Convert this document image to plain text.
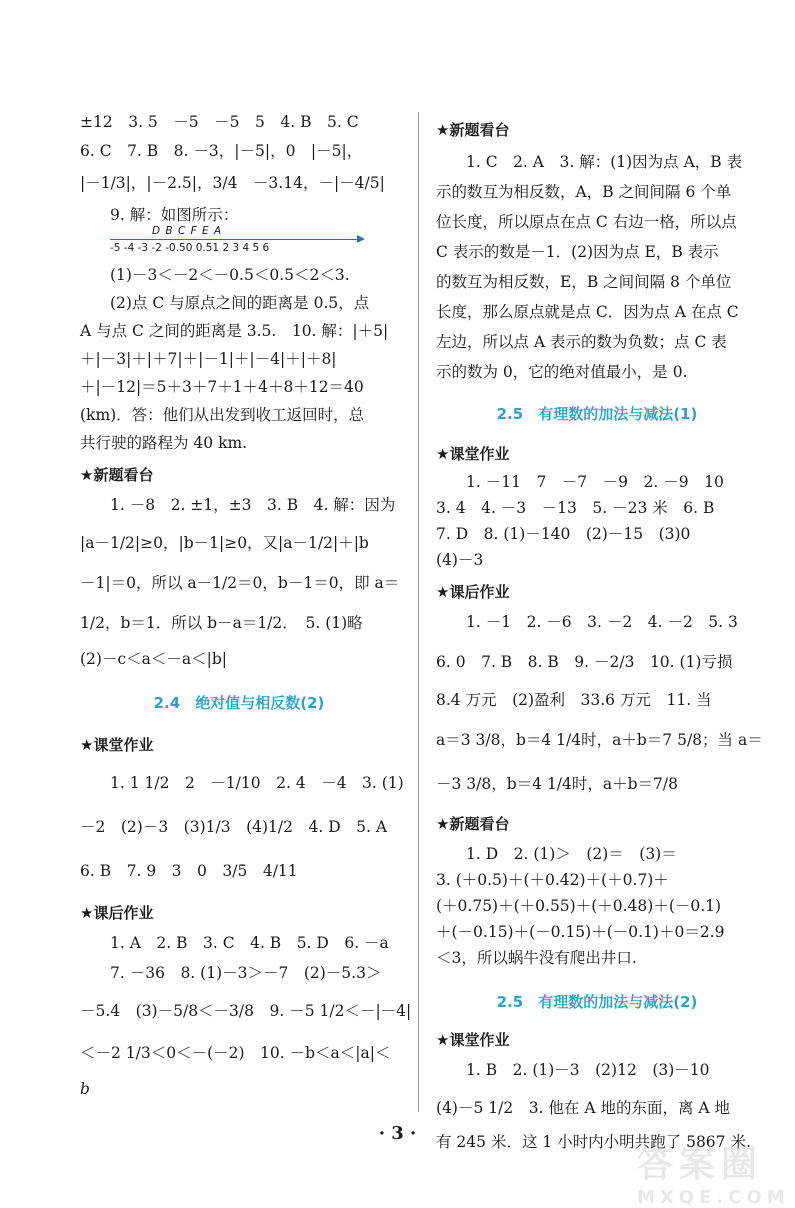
±12　3. 5　－5　－5　5　4. B　5. C
6. C　7. B　8. －3，|－5|，0　|－5|，
|－1/3|，|－2.5|，3/4　－3.14，－|－4/5|
9. 解：如图所示：
D B C F E A
-5 -4 -3 -2 -0.50 0.51 2 3 4 5 6
(1)－3＜－2＜－0.5＜0.5＜2＜3.
(2)点 C 与原点之间的距离是 0.5，点
A 与点 C 之间的距离是 3.5.　10. 解：|＋5|
＋|－3|＋|＋7|＋|－1|＋|－4|＋|＋8|
＋|－12|＝5＋3＋7＋1＋4＋8＋12＝40
(km)．答：他们从出发到收工返回时，总
共行驶的路程为 40 km.
★新题看台
1. －8　2. ±1，±3　3. B　4. 解：因为
|a－1/2|≥0，|b－1|≥0，又|a－1/2|＋|b
－1|＝0，所以 a－1/2＝0，b－1＝0，即 a＝
1/2，b＝1．所以 b－a＝1/2．　5. (1)略
(2)－c＜a＜－a＜|b|
2.4　绝对值与相反数(2)
★课堂作业
1. 1 1/2　2　－1/10　2. 4　－4　3. (1)
－2　(2)－3　(3)1/3　(4)1/2　4. D　5. A
6. B　7. 9　3　0　3/5　4/11
★课后作业
1. A　2. B　3. C　4. B　5. D　6. －a
7. －36　8. (1)－3＞－7　(2)－5.3＞
－5.4　(3)－5/8＜－3/8　9. －5 1/2＜－|－4|
＜－2 1/3＜0＜－(－2)　10. －b＜a＜|a|＜
b
★新题看台
1. C　2. A　3. 解：(1)因为点 A，B 表
示的数互为相反数，A，B 之间间隔 6 个单
位长度，所以原点在点 C 右边一格，所以点
C 表示的数是－1．(2)因为点 E，B 表示
的数互为相反数，E，B 之间间隔 8 个单位
长度，那么原点就是点 C．因为点 A 在点 C
左边，所以点 A 表示的数为负数；点 C 表
示的数为 0，它的绝对值最小，是 0.
2.5　有理数的加法与减法(1)
★课堂作业
1. －11　7　－7　－9　2. －9　10
3. 4　4. －3　－13　5. －23 米　6. B
7. D　8. (1)－140　(2)－15　(3)0
(4)－3
★课后作业
1. －1　2. －6　3. －2　4. －2　5. 3
6. 0　7. B　8. B　9. －2/3　10. (1)亏损
8.4 万元　(2)盈利　33.6 万元　11. 当
a＝3 3/8，b＝4 1/4时，a＋b＝7 5/8；当 a＝
－3 3/8，b＝4 1/4时，a＋b＝7/8
★新题看台
1. D　2. (1)＞　(2)＝　(3)＝
3. (＋0.5)＋(＋0.42)＋(＋0.7)＋
(＋0.75)＋(＋0.55)＋(＋0.48)＋(－0.1)
＋(－0.15)＋(－0.15)＋(－0.1)＋0＝2.9
＜3，所以蜗牛没有爬出井口.
2.5　有理数的加法与减法(2)
★课堂作业
1. B　2. (1)－3　(2)12　(3)－10
(4)－5 1/2　3. 他在 A 地的东面，离 A 地
有 245 米．这 1 小时内小明共跑了 5867 米.
· 3 ·
答案圈
MXQE.COM
